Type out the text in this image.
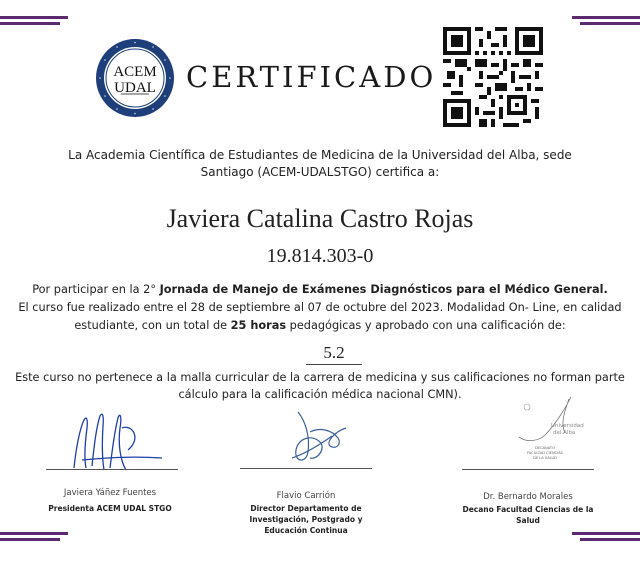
ACEM
UDAL CERTIFICADO
La Academia Científica de Estudiantes de Medicina de la Universidad del Alba, sede
Santiago (ACEM-UDALSTGO) certifica a:
Javiera Catalina Castro Rojas
19.814.303-0
Por participar en la 2° Jornada de Manejo de Exámenes Diagnósticos para el Médico General.
El curso fue realizado entre el 28 de septiembre al 07 de octubre del 2023. Modalidad On- Line, en calidad
estudiante, con un total de 25 horas pedagógicas y aprobado con una calificación de:
5.2
Este curso no pertenece a la malla curricular de la carrera de medicina y sus calificaciones no forman parte
cálculo para la calificación médica nacional CMN).
Javiera Yáñez Fuentes
Presidenta ACEM UDAL STGO
Flavio Carrión
Director Departamento de
Investigación, Postgrado y
Educación Continua
Universidad
del Alba
DECANATO
FACULTAD CIENCIAS
DE LA SALUD
Dr. Bernardo Morales
Decano Facultad Ciencias de la
Salud
